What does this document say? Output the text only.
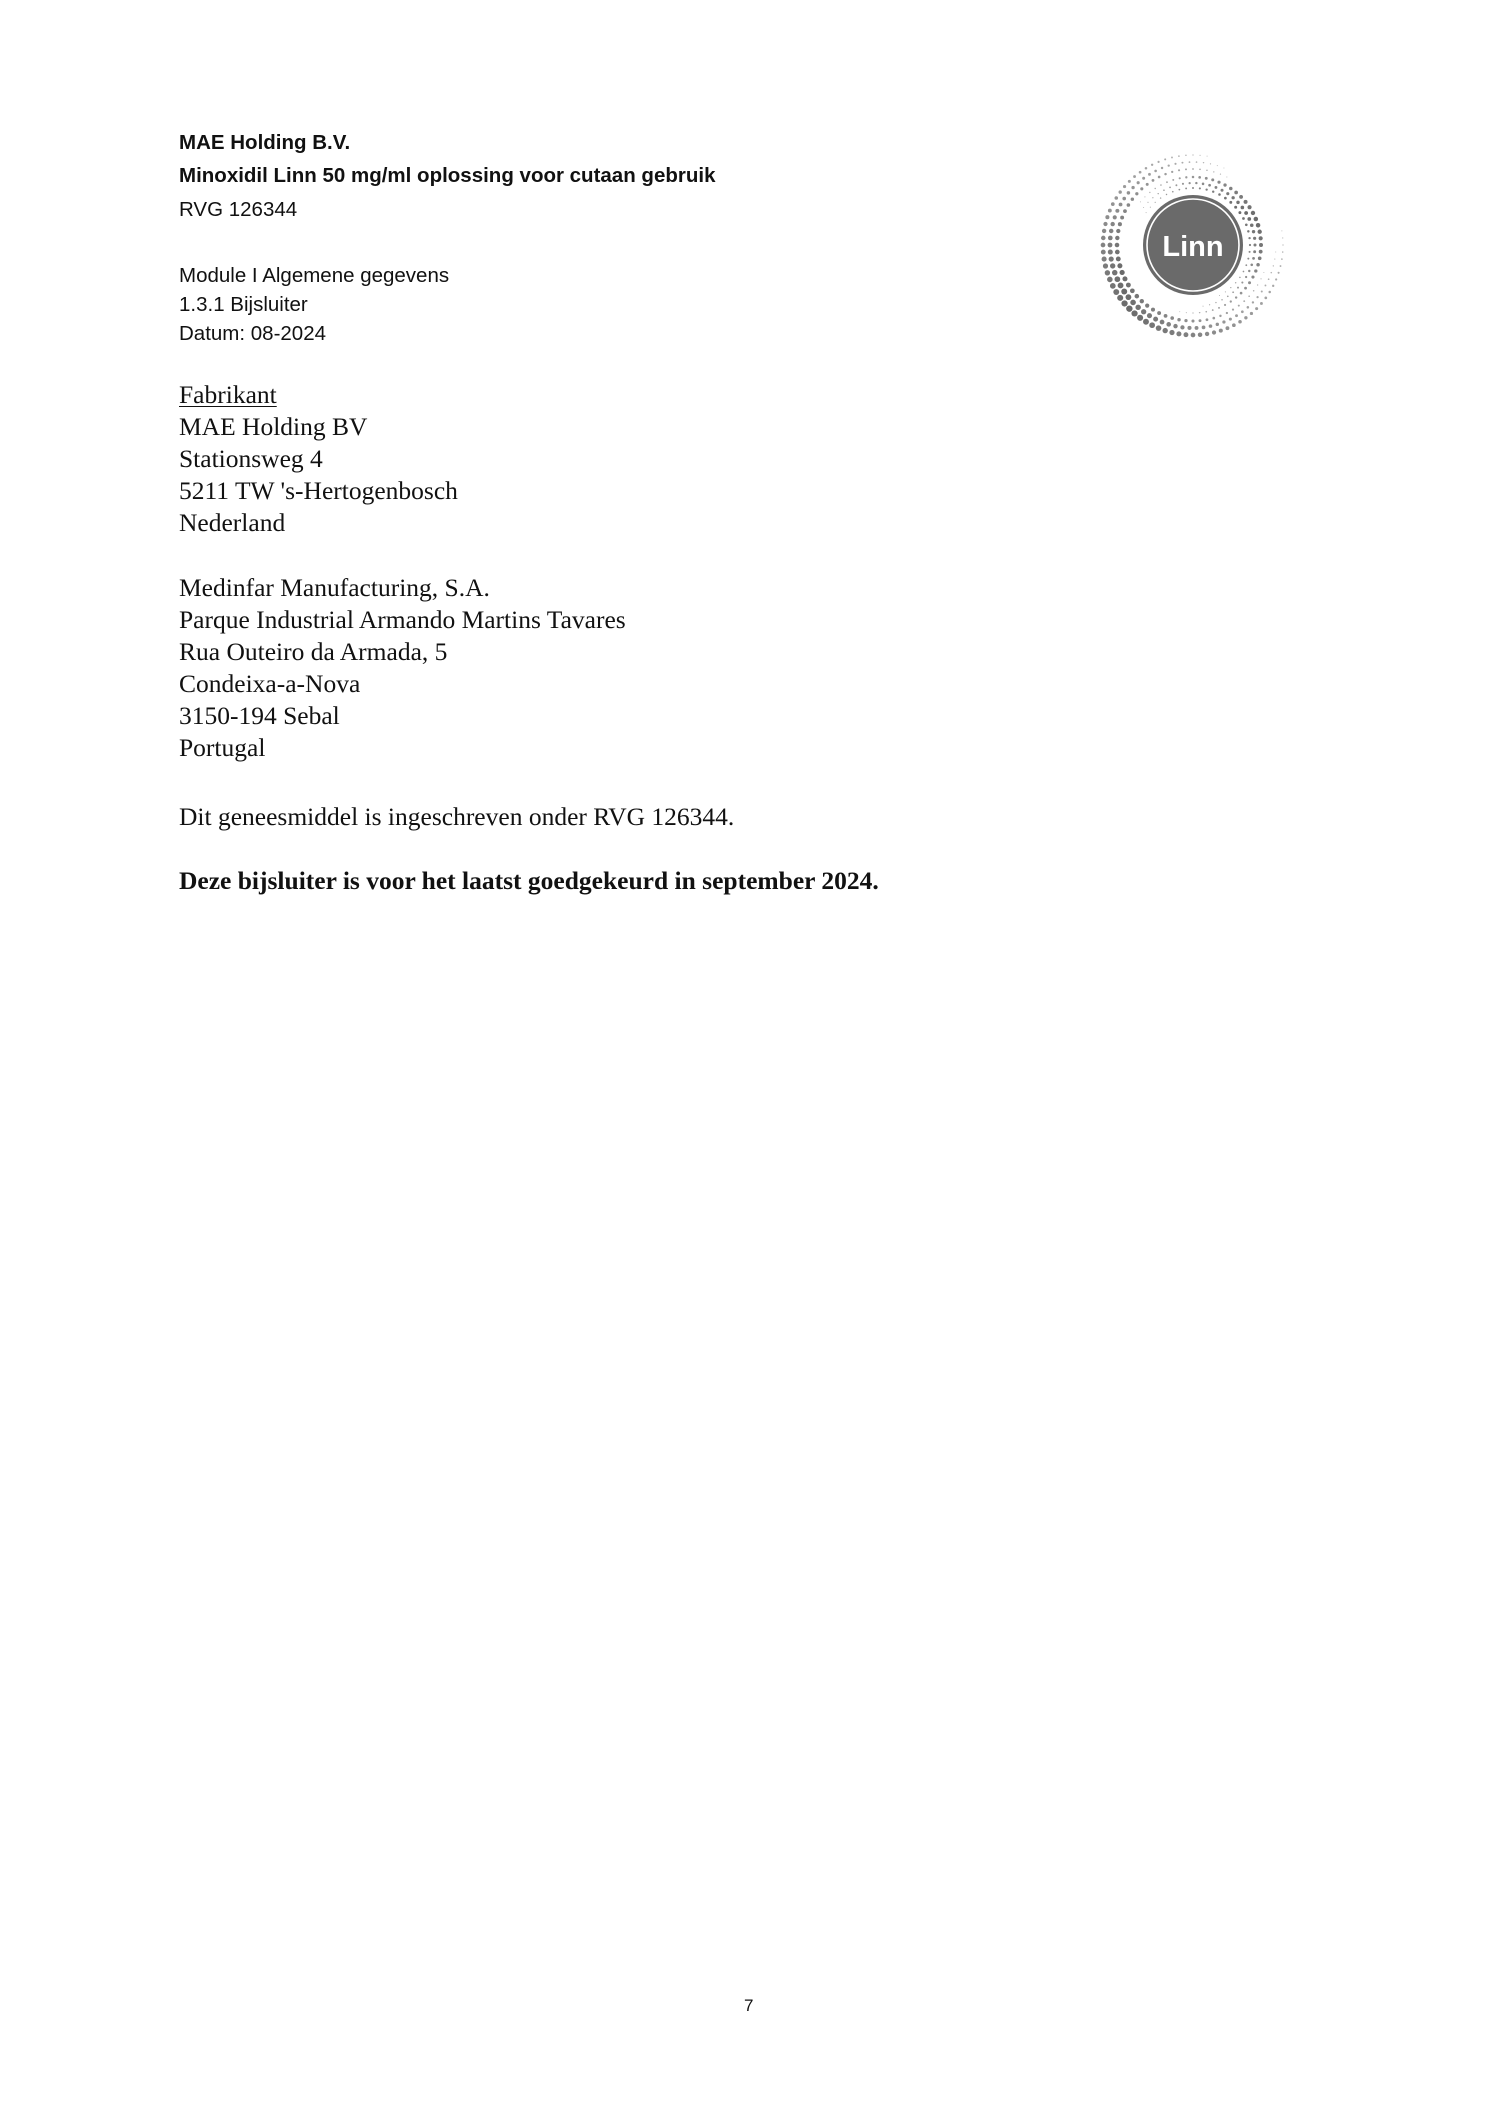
MAE Holding B.V.
Minoxidil Linn 50 mg/ml oplossing voor cutaan gebruik
RVG 126344
Module I Algemene gegevens
1.3.1 Bijsluiter
Datum: 08-2024
Linn
Fabrikant
MAE Holding BV
Stationsweg 4
5211 TW 's-Hertogenbosch
Nederland
Medinfar Manufacturing, S.A.
Parque Industrial Armando Martins Tavares
Rua Outeiro da Armada, 5
Condeixa-a-Nova
3150-194 Sebal
Portugal
Dit geneesmiddel is ingeschreven onder RVG 126344.
Deze bijsluiter is voor het laatst goedgekeurd in september 2024.
7
